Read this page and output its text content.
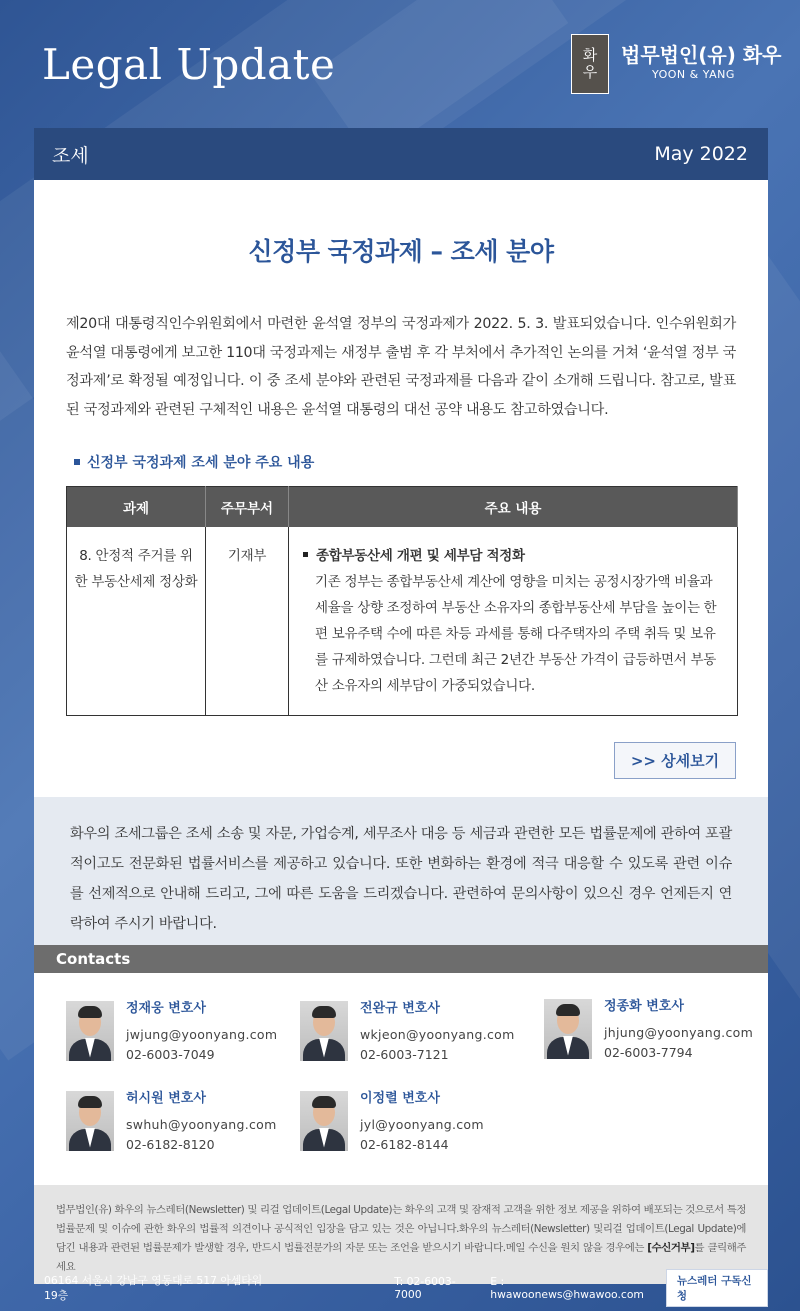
Legal Update	화
우
법무법인(유) 화우
YOON & YANG
조세	May 2022
신정부 국정과제 – 조세 분야

제20대 대통령직인수위원회에서 마련한 윤석열 정부의 국정과제가 2022. 5. 3. 발표되었습니다. 인수위원회가 윤석열 대통령에게 보고한 110대 국정과제는 새정부 출범 후 각 부처에서 추가적인 논의를 거쳐 ‘윤석열 정부 국정과제’로 확정될 예정입니다. 이 중 조세 분야와 관련된 국정과제를 다음과 같이 소개해 드립니다. 참고로, 발표된 국정과제와 관련된 구체적인 내용은 윤석열 대통령의 대선 공약 내용도 참고하였습니다.

신정부 국정과제 조세 분야 주요 내용
과제	주무부서	주요 내용
8. 안정적 주거를 위한 부동산세제 정상화	기재부	종합부동산세 개편 및 세부담 적정화
기존 정부는 종합부동산세 계산에 영향을 미치는 공정시장가액 비율과 세율을 상향 조정하여 부동산 소유자의 종합부동산세 부담을 높이는 한편 보유주택 수에 따른 차등 과세를 통해 다주택자의 주택 취득 및 보유를 규제하였습니다. 그런데 최근 2년간 부동산 가격이 급등하면서 부동산 소유자의 세부담이 가중되었습니다.
>> 상세보기
화우의 조세그룹은 조세 소송 및 자문, 가업승계, 세무조사 대응 등 세금과 관련한 모든 법률문제에 관하여 포괄적이고도 전문화된 법률서비스를 제공하고 있습니다. 또한 변화하는 환경에 적극 대응할 수 있도록 관련 이슈를 선제적으로 안내해 드리고, 그에 따른 도움을 드리겠습니다. 관련하여 문의사항이 있으신 경우 언제든지 연락하여 주시기 바랍니다.
Contacts
정재웅 변호사
jwjung@yoonyang.com
02-6003-7049
전완규 변호사
wkjeon@yoonyang.com
02-6003-7121
정종화 변호사
jhjung@yoonyang.com
02-6003-7794
허시원 변호사
swhuh@yoonyang.com
02-6182-8120
이정렬 변호사
jyl@yoonyang.com
02-6182-8144
법무법인(유) 화우의 뉴스레터(Newsletter) 및 리걸 업데이트(Legal Update)는 화우의 고객 및 잠재적 고객을 위한 정보 제공을 위하여 배포되는 것으로서 특정 법률문제 및 이슈에 관한 화우의 법률적 의견이나 공식적인 입장을 담고 있는 것은 아닙니다.화우의 뉴스레터(Newsletter) 및리걸 업데이트(Legal Update)에 담긴 내용과 관련된 법률문제가 발생할 경우, 반드시 법률전문가의 자문 또는 조언을 받으시기 바랍니다.메일 수신을 원치 않을 경우에는 [수신거부]를 클릭해주세요
06164 서울시 강남구 영동대로 517 아셈타워 19층
T: 02-6003-7000
E : hwawoonews@hwawoo.com
뉴스레터 구독신청
